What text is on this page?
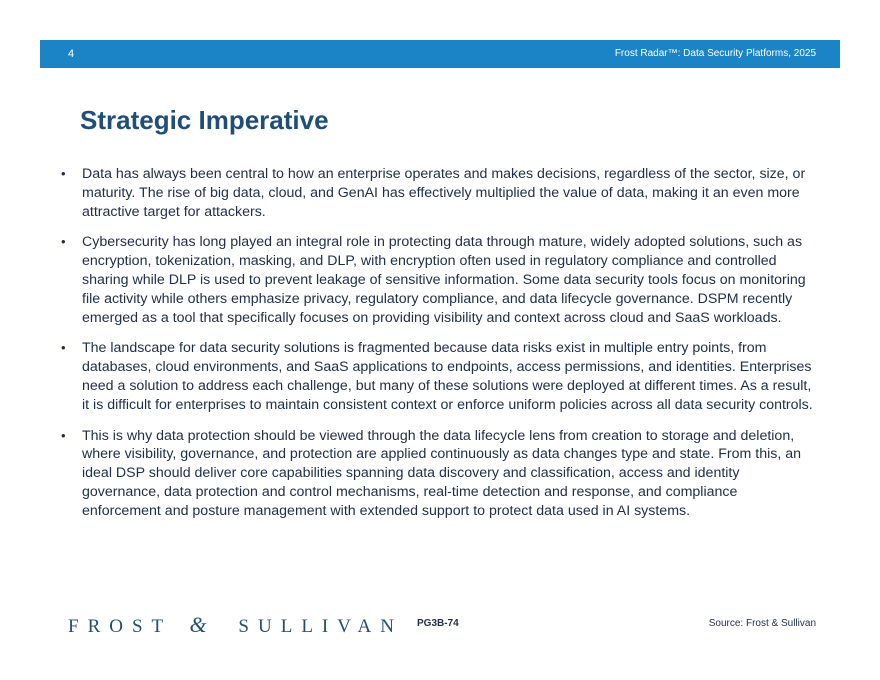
4	Frost Radar™: Data Security Platforms, 2025
Strategic Imperative
• Data has always been central to how an enterprise operates and makes decisions, regardless of the sector, size, or maturity. The rise of big data, cloud, and GenAI has effectively multiplied the value of data, making it an even more attractive target for attackers.
• Cybersecurity has long played an integral role in protecting data through mature, widely adopted solutions, such as encryption, tokenization, masking, and DLP, with encryption often used in regulatory compliance and controlled sharing while DLP is used to prevent leakage of sensitive information. Some data security tools focus on monitoring file activity while others emphasize privacy, regulatory compliance, and data lifecycle governance. DSPM recently emerged as a tool that specifically focuses on providing visibility and context across cloud and SaaS workloads.
• The landscape for data security solutions is fragmented because data risks exist in multiple entry points, from databases, cloud environments, and SaaS applications to endpoints, access permissions, and identities. Enterprises need a solution to address each challenge, but many of these solutions were deployed at different times. As a result, it is difficult for enterprises to maintain consistent context or enforce uniform policies across all data security controls.
• This is why data protection should be viewed through the data lifecycle lens from creation to storage and deletion, where visibility, governance, and protection are applied continuously as data changes type and state. From this, an ideal DSP should deliver core capabilities spanning data discovery and classification, access and identity governance, data protection and control mechanisms, real-time detection and response, and compliance enforcement and posture management with extended support to protect data used in AI systems.
FROST & SULLIVAN PG3B-74	Source: Frost & Sullivan
